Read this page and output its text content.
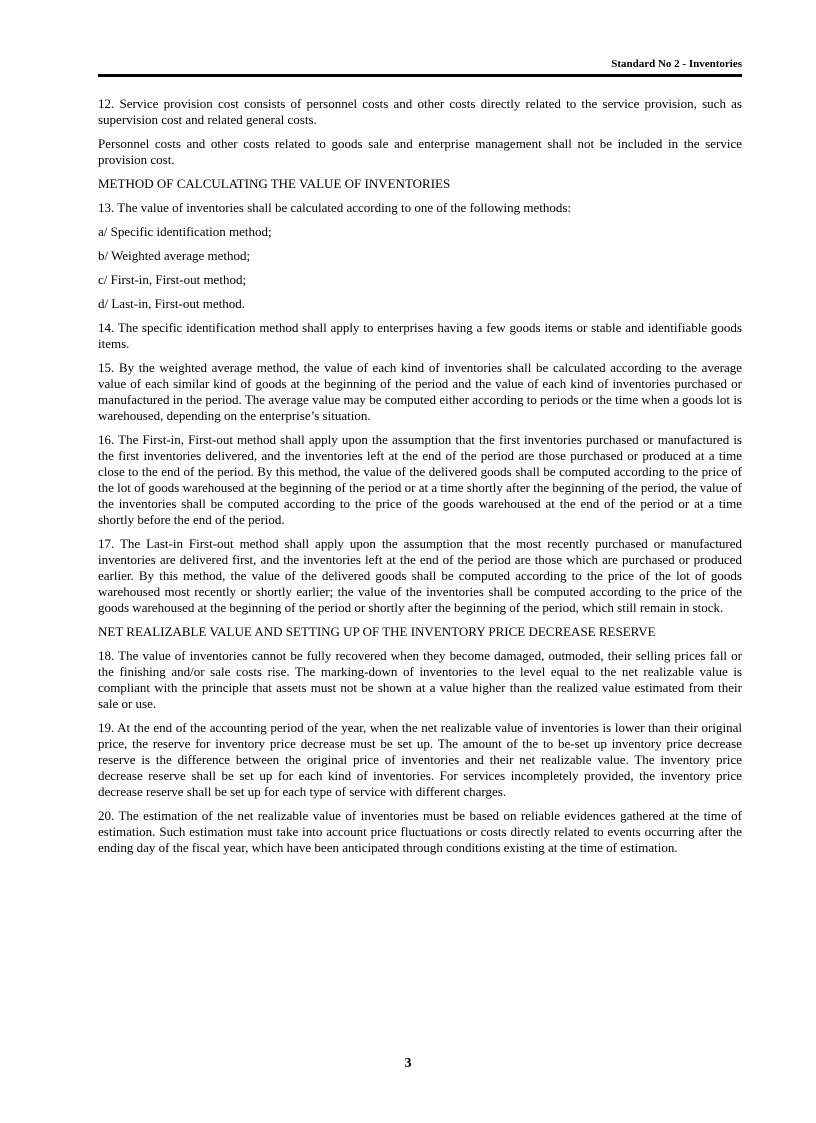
Standard No 2 - Inventories

12. Service provision cost consists of personnel costs and other costs directly related to the service provision, such as supervision cost and related general costs.

Personnel costs and other costs related to goods sale and enterprise management shall not be included in the service provision cost.

METHOD OF CALCULATING THE VALUE OF INVENTORIES

13. The value of inventories shall be calculated according to one of the following methods:

a/ Specific identification method;

b/ Weighted average method;

c/ First-in, First-out method;

d/ Last-in, First-out method.

14. The specific identification method shall apply to enterprises having a few goods items or stable and identifiable goods items.

15. By the weighted average method, the value of each kind of inventories shall be calculated according to the average value of each similar kind of goods at the beginning of the period and the value of each kind of inventories purchased or manufactured in the period. The average value may be computed either according to periods or the time when a goods lot is warehoused, depending on the enterprise’s situation.

16. The First-in, First-out method shall apply upon the assumption that the first inventories purchased or manufactured is the first inventories delivered, and the inventories left at the end of the period are those purchased or produced at a time close to the end of the period. By this method, the value of the delivered goods shall be computed according to the price of the lot of goods warehoused at the beginning of the period or at a time shortly after the beginning of the period, the value of the inventories shall be computed according to the price of the goods warehoused at the end of the period or at a time shortly before the end of the period.

17. The Last-in First-out method shall apply upon the assumption that the most recently purchased or manufactured inventories are delivered first, and the inventories left at the end of the period are those which are purchased or produced earlier. By this method, the value of the delivered goods shall be computed according to the price of the lot of goods warehoused most recently or shortly earlier; the value of the inventories shall be computed according to the price of the goods warehoused at the beginning of the period or shortly after the beginning of the period, which still remain in stock.

NET REALIZABLE VALUE AND SETTING UP OF THE INVENTORY PRICE DECREASE RESERVE

18. The value of inventories cannot be fully recovered when they become damaged, outmoded, their selling prices fall or the finishing and/or sale costs rise. The marking-down of inventories to the level equal to the net realizable value is compliant with the principle that assets must not be shown at a value higher than the realized value estimated from their sale or use.

19. At the end of the accounting period of the year, when the net realizable value of inventories is lower than their original price, the reserve for inventory price decrease must be set up. The amount of the to be-set up inventory price decrease reserve is the difference between the original price of inventories and their net realizable value. The inventory price decrease reserve shall be set up for each kind of inventories. For services incompletely provided, the inventory price decrease reserve shall be set up for each type of service with different charges.

20. The estimation of the net realizable value of inventories must be based on reliable evidences gathered at the time of estimation. Such estimation must take into account price fluctuations or costs directly related to events occurring after the ending day of the fiscal year, which have been anticipated through conditions existing at the time of estimation.

3
